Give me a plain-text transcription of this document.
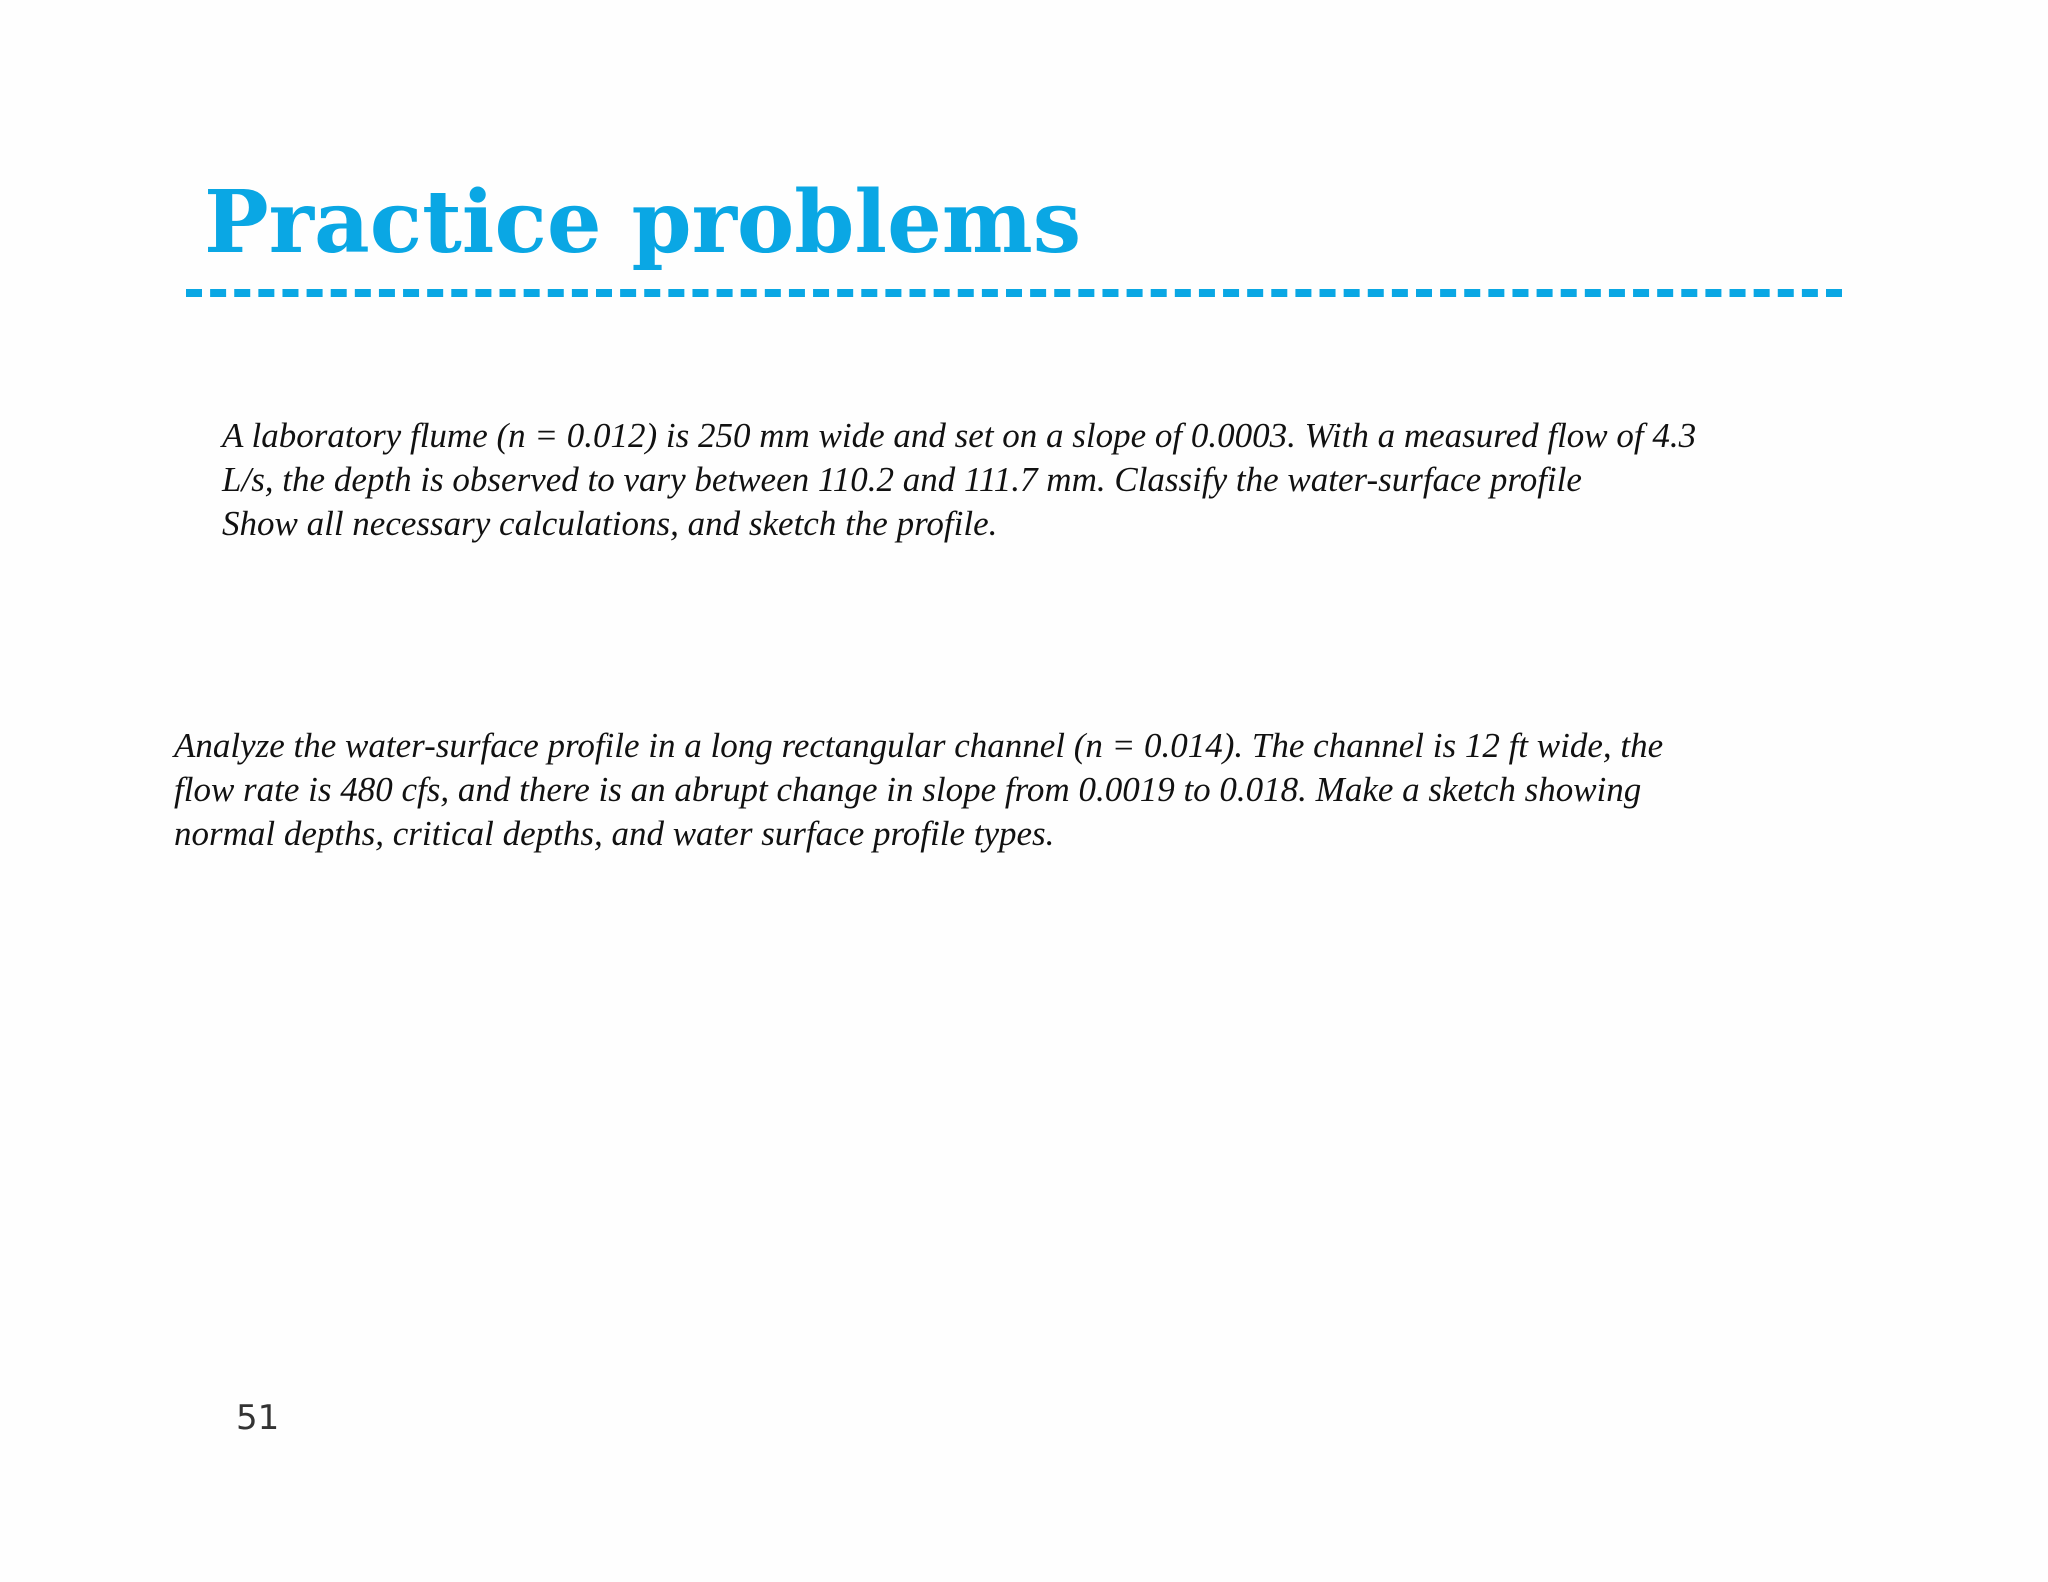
Practice problems

A laboratory flume (n = 0.012) is 250 mm wide and set on a slope of 0.0003. With a measured flow of 4.3
L/s, the depth is observed to vary between 110.2 and 111.7 mm. Classify the water-surface profile
Show all necessary calculations, and sketch the profile.

Analyze the water-surface profile in a long rectangular channel (n = 0.014). The channel is 12 ft wide, the
flow rate is 480 cfs, and there is an abrupt change in slope from 0.0019 to 0.018. Make a sketch showing
normal depths, critical depths, and water surface profile types.

51
